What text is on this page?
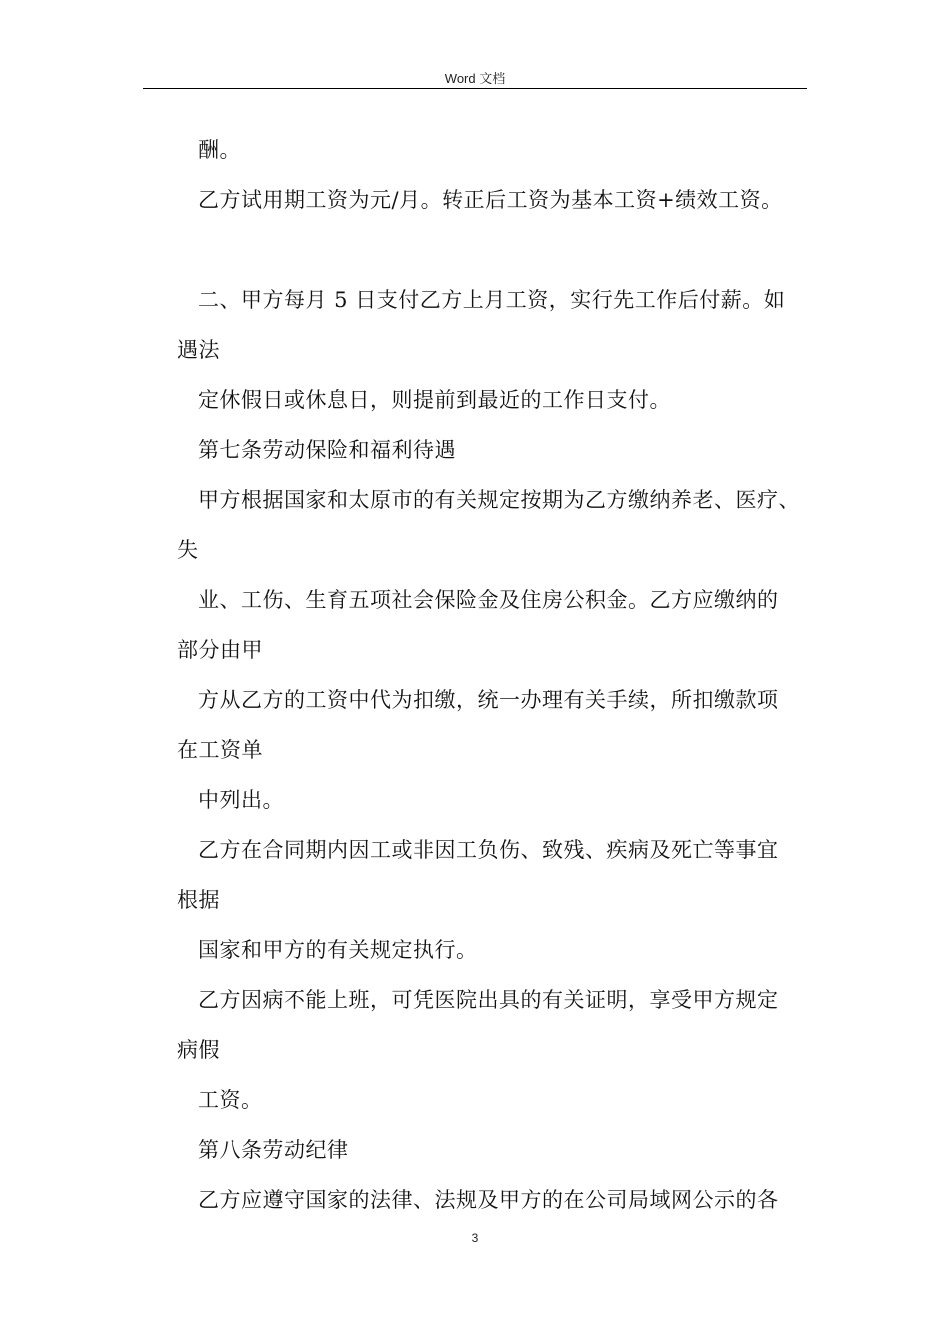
Word 文档
酬。
乙方试用期工资为元/月。转正后工资为基本工资+绩效工资。
二、甲方每月 5 日支付乙方上月工资，实行先工作后付薪。如
遇法
定休假日或休息日，则提前到最近的工作日支付。
第七条劳动保险和福利待遇
甲方根据国家和太原市的有关规定按期为乙方缴纳养老、医疗、
失
业、工伤、生育五项社会保险金及住房公积金。乙方应缴纳的
部分由甲
方从乙方的工资中代为扣缴，统一办理有关手续，所扣缴款项
在工资单
中列出。
乙方在合同期内因工或非因工负伤、致残、疾病及死亡等事宜
根据
国家和甲方的有关规定执行。
乙方因病不能上班，可凭医院出具的有关证明，享受甲方规定
病假
工资。
第八条劳动纪律
乙方应遵守国家的法律、法规及甲方的在公司局域网公示的各
3
